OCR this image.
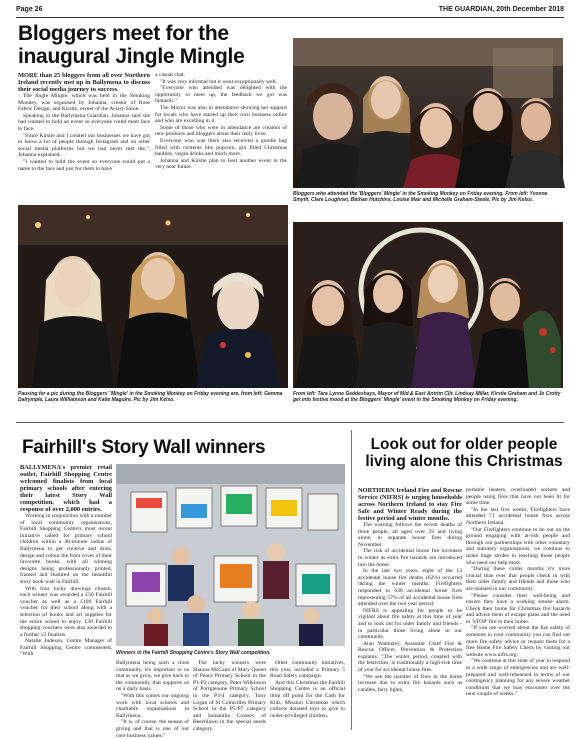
Page 26	THE GUARDIAN, 20th December 2018
Bloggers meet for the inaugural Jingle Mingle

MORE than 25 bloggers from all over Northern Ireland recently met up in Ballymena to discuss their social media journey to success.

The Jingle Mingle, which was held in the Smoking Monkey, was organised by Johanna, creator of Rose Fabric Design, and Kirstie, owner of the Aviary Salon.

Speaking to the Ballymena Guardian, Johanna said she had wanted to hold an event so everyone could meet face to face.

"Since Kirstie and I created our businesses we have got to know a lot of people through Instagram and on other social media platforms but we had never met the,", Johanna explained.

"I wanted to hold the event so everyone could put a name to the face and just for them to have

a casual chat.

"It was very informal but it went exceptionally well.

"Everyone who attended was delighted with the opportunity to meet up, the feedback we got was fantastic."

The Mayor was also in attendance showing her support for locals who have started up their own business online and who are excelling in it.

Some of those who were in attendance are creators of new products and bloggers about their daily lives.

Everyone who was there also received a goodie bag filled with contents like popcorn, gin filled Christmas baubles, vegan drinks and much more.

Johanna and Kirstie plan to host another event in the very near future.

Bloggers who attended the 'Bloggers' Mingle' in the Smoking Monkey on Friday evening. From left: Yvonne Smyth, Clare Loughran, Bethan Hutchins, Louise Mair and Michelle Graham-Steele. Pic by Jim Kelso.
Pausing for a pic during the Bloggers' 'Mingle' in the Smoking Monkey on Friday evening are, from left: Gemma Dalrymple, Laura Williamson and Katie Maguire. Pic by Jim Kelso.
From left: Tara Lynne Geddeshays, Mayor of Mid & East Antrim Cllr. Lindsay Millar, Kirstie Graham and Jo Crotty get into festive mood at the Bloggers' Mingle' event in the Smoking Monkey on Friday evening.
Fairhill's Story Wall winners

BALLYMENA's premier retail outlet, Fairhill Shopping Centre welcomed finalists from local primary schools after entering their latest Story Wall competition, which had a response of over 2,000 entries.

Working in conjunction with a number of local community organisations, Fairhill Shopping Centre's most recent initiative called for primary school children within a 40-minute radius of Ballymena to get creative and draw, design and colour the front cover of their favourite books, with all winning designs being professionally printed, framed and featured on the beautiful story book wall in Fairhill.

With four lucky drawings chosen, each winner was awarded a £50 Fairhill voucher as well as a £100 Fairhill voucher for their school along with a selection of books and art supplies for the entire school to enjoy. £30 Fairhill shopping vouchers were also awarded to a further 12 finalists.

Natalie Judeson, Centre Manager of Fairhill Shopping Centre commented, "With	Winners in the Fairhill Shopping Centre's Story Wall competition.

Ballymena being such a close community, it's important to us that as we grow, we give back to the community that supports us on a daily basis.

"With this comes our ongoing work with local schools and charitable organisations in Ballymena.

"It is, of course, the season of giving and that is one of our core business values."

The lucky winners were Shauna McCann of Mary Queen of Peace Primary School in the P1-P2 category, Peter Wilkinson of Portglenone Primary School in the P3-4 category, Tony Logan of St Colmcilles Primary School in the P5-P7 category and Samantha Crossey of Beechlawn in the special needs category.

Other community initiatives, this year, included a Primary 5 Road Safety campaign.

And this Christmas the Fairhill Shopping Centre is an official drop off point for the Cash for Kids, Mission Christmas which collects donated toys to give to under-privileged children.

Look out for older people living alone this Christmas

NORTHERN Ireland Fire and Rescue Service (NIFRS) is urging households across Northern Ireland to stay Fire Safe and Winter Ready during the festive period and winter months.

The warning follows the recent deaths of three people, all aged over 59 and living alone, in separate house fires during November.

The risk of accidental house fire increases in winter as extra fire hazards are introduced into the home.

In the last two years, eight of the 13 accidental house fire deaths (62%) occurred during the winter months. Firefighters responded to 638 accidental house fires representing 57% of all accidental house fires attended over the two year period.

NIFRS is appealing for people to be vigilant about fire safety at this time of year and to look out for older family and friends - in particular those living alone in our community.

Alan Walmsley, Assistant Chief Fire & Rescue Officer, Prevention & Protection explains: "The winter period, coupled with the festivities, is traditionally a high-risk time of year for accidental house fires.

"We see the number of fires in the home increase due to extra fire hazards such as candles, fairy lights,

portable heaters, overloaded sockets and people using fires that have not been lit for some time.

"In the last five weeks, Firefighters have attended 71 accidental house fires across Northern Ireland.

"Our Firefighters continue to be out on the ground engaging with at-risk people and through our partnerships with other voluntary and statutory organisations, we continue to make huge strides in reaching those people who need our help most.

"During these colder months it's more crucial than ever that people check in with their older family and friends and those who are isolated in our community.

"Please consider their well-being and ensure they have a working smoke alarm. Check their home for Christmas fire hazards and advise them of escape plans and the need to 'STOP' fire in their home.

"If you are worried about the fire safety of someone in your community you can find out more fire safety advice or request them for a free Home Fire Safety Check by visiting our website www.nifrs.org.

"We continue at this time of year to respond to a wide range of emergencies and are well-prepared and well-rehearsed in terms of our contingency planning for any severe weather conditions that we may encounter over the next couple of weeks."
